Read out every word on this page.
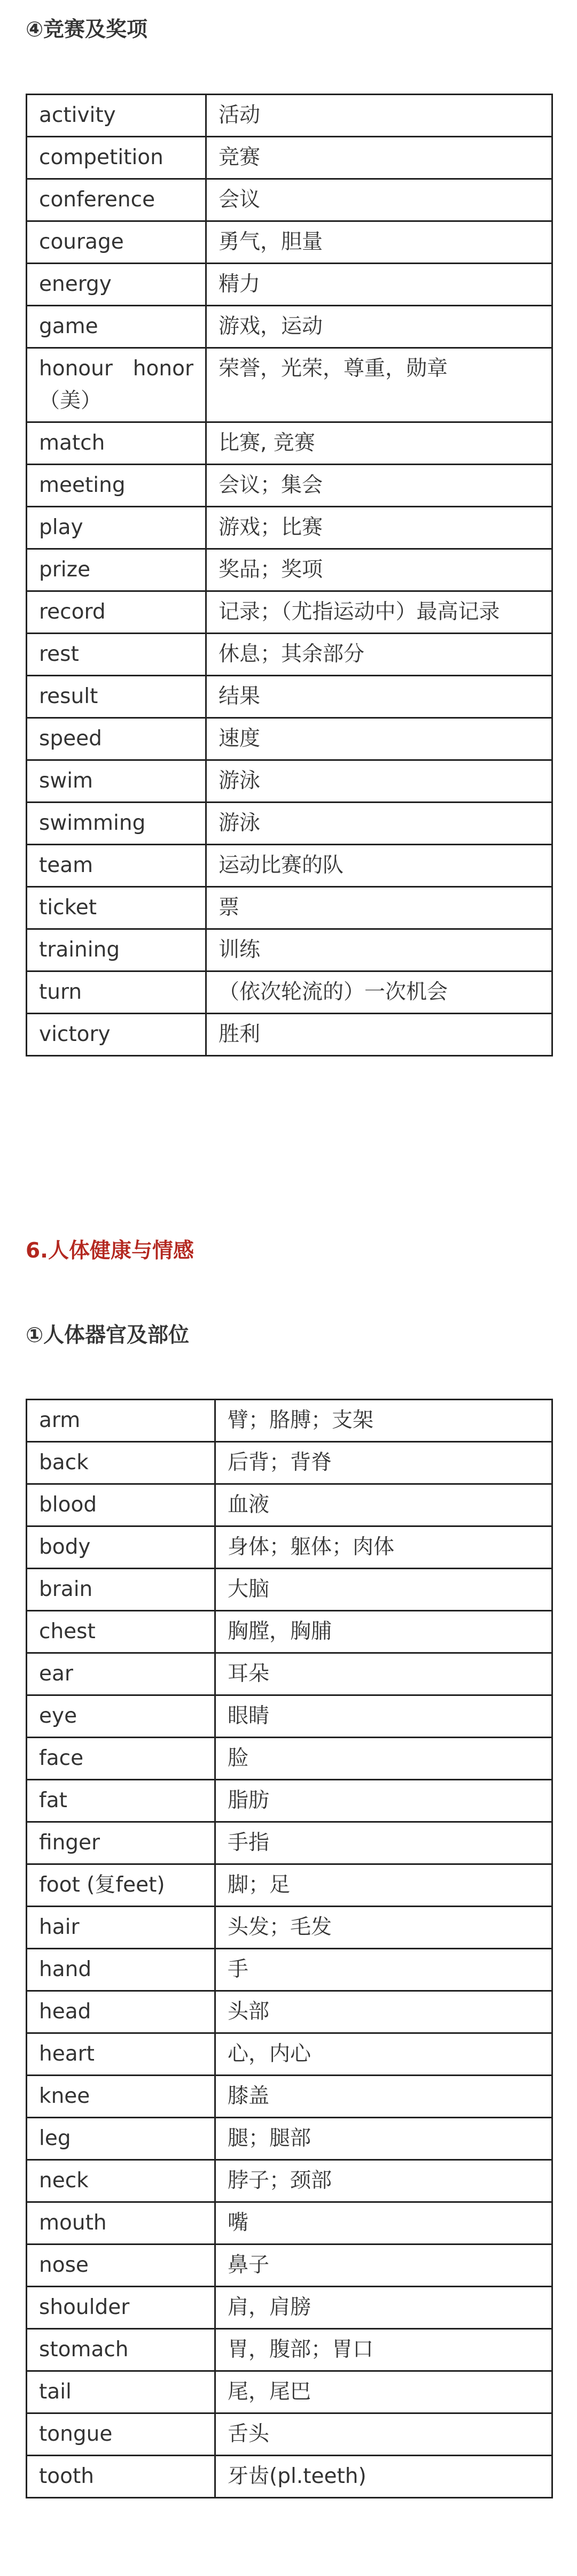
④竞赛及奖项
activity	活动
competition	竞赛
conference	会议
courage	勇气，胆量
energy	精力
game	游戏，运动
honour honor（美）	荣誉，光荣，尊重，勋章
match	比赛, 竞赛
meeting	会议；集会
play	游戏；比赛
prize	奖品；奖项
record	记录；（尤指运动中）最高记录
rest	休息；其余部分
result	结果
speed	速度
swim	游泳
swimming	游泳
team	运动比赛的队
ticket	票
training	训练
turn	（依次轮流的）一次机会
victory	胜利
6.人体健康与情感
①人体器官及部位
arm	臂；胳膊；支架
back	后背；背脊
blood	血液
body	身体；躯体；肉体
brain	大脑
chest	胸膛，胸脯
ear	耳朵
eye	眼睛
face	脸
fat	脂肪
finger	手指
foot (复feet)	脚；足
hair	头发；毛发
hand	手
head	头部
heart	心，内心
knee	膝盖
leg	腿；腿部
neck	脖子；颈部
mouth	嘴
nose	鼻子
shoulder	肩，肩膀
stomach	胃，腹部；胃口
tail	尾，尾巴
tongue	舌头
tooth	牙齿(pl.teeth)
